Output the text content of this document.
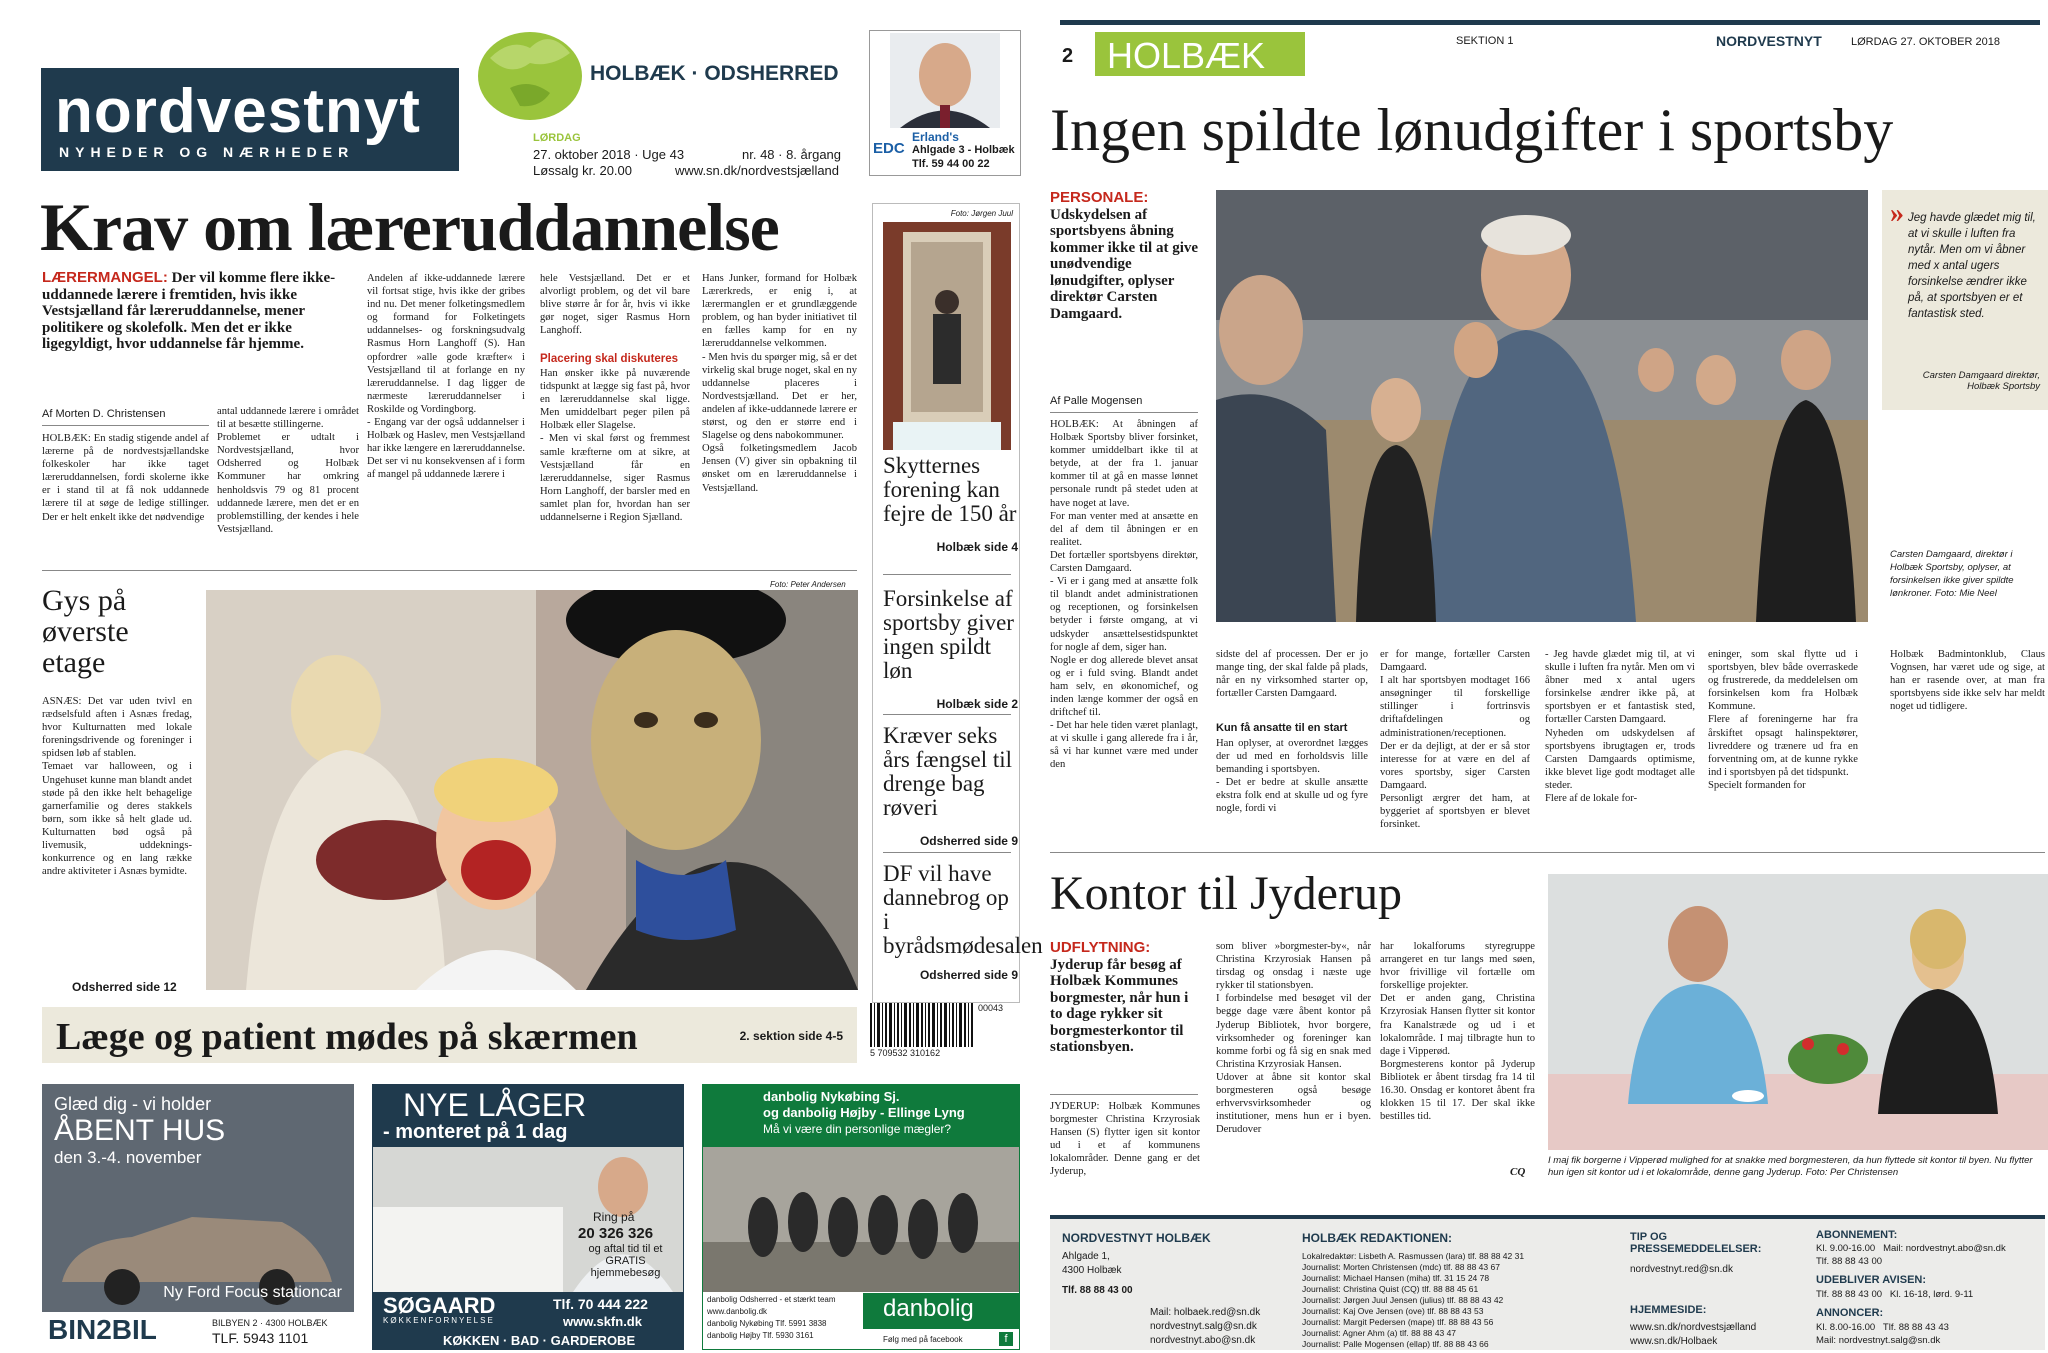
nordvestnyt
NYHEDER OG NÆRHEDER
HOLBÆK · ODSHERRED
LØRDAG
27. oktober 2018 · Uge 43
Løssalg kr. 20.00
nr. 48 · 8. årgang
www.sn.dk/nordvestsjælland
EDC
Erland's
Ahlgade 3 - Holbæk
Tlf. 59 44 00 22
Krav om læreruddannelse
LÆRERMANGEL: Der vil komme flere ikke-uddannede lærere i fremtiden, hvis ikke Vestsjælland får læreruddannelse, mener politikere og skolefolk. Men det er ikke ligegyldigt, hvor uddannelse får hjemme.
Af Morten D. Christensen
HOLBÆK: En stadig stigende andel af lærerne på de nordvestsjællandske folkeskoler har ikke taget læreruddannelsen, fordi skolerne ikke er i stand til at få nok uddannede lærere til at søge de ledige stillinger. Der er helt enkelt ikke det nødvendige
antal uddannede lærere i området til at besætte stillingerne.
Problemet er udtalt i Nordvestsjælland, hvor Odsherred og Holbæk Kommuner har omkring henholdsvis 79 og 81 procent uddannede lærere, men det er en problemstilling, der kendes i hele Vestsjælland.
Andelen af ikke-uddannede lærere vil fortsat stige, hvis ikke der gribes ind nu. Det mener folketingsmedlem og formand for Folketingets uddannelses- og forskningsudvalg Rasmus Horn Langhoff (S). Han opfordrer »alle gode kræfter« i Vestsjælland til at forlange en ny læreruddannelse. I dag ligger de nærmeste læreruddannelser i Roskilde og Vordingborg.
- Engang var der også uddannelser i Holbæk og Haslev, men Vestsjælland har ikke længere en læreruddannelse. Det ser vi nu konsekvensen af i form af mangel på uddannede lærere i
hele Vestsjælland. Det er et alvorligt problem, og det vil bare blive større år for år, hvis vi ikke gør noget, siger Rasmus Horn Langhoff.
Placering skal diskuteres
Han ønsker ikke på nuværende tidspunkt at lægge sig fast på, hvor en læreruddannelse skal ligge. Men umiddelbart peger pilen på Holbæk eller Slagelse.
- Men vi skal først og fremmest samle kræfterne om at sikre, at Vestsjælland får en læreruddannelse, siger Rasmus Horn Langhoff, der barsler med en samlet plan for, hvordan han ser uddannelserne i Region Sjælland.
Hans Junker, formand for Holbæk Lærerkreds, er enig i, at lærermanglen er et grundlæggende problem, og han byder initiativet til en fælles kamp for en ny læreruddannelse velkommen.
- Men hvis du spørger mig, så er det virkelig skal bruge noget, skal en ny uddannelse placeres i Nordvestsjælland. Det er her, andelen af ikke-uddannede lærere er størst, og den er større end i Slagelse og dens nabokommuner.
Også folketingsmedlem Jacob Jensen (V) giver sin opbakning til ønsket om en læreruddannelse i Vestsjælland.
Foto: Jørgen Juul
Skytternes forening kan fejre de 150 år
Holbæk side 4
Forsinkelse af sportsby giver ingen spildt løn
Holbæk side 2
Kræver seks års fængsel til drenge bag røveri
Odsherred side 9
DF vil have dannebrog op i byrådsmødesalen
Odsherred side 9
Gys på øverste etage
ASNÆS: Det var uden tvivl en rædselsfuld aften i Asnæs fredag, hvor Kulturnatten med lokale foreningsdrivende og foreninger i spidsen løb af stablen.
Temaet var halloween, og i Ungehuset kunne man blandt andet støde på den ikke helt behagelige garnerfamilie og deres stakkels børn, som ikke så helt glade ud. Kulturnatten bød også på livemusik, uddeknings-konkurrence og en lang række andre aktiviteter i Asnæs bymidte.
Odsherred side 12
Foto: Peter Andersen
Læge og patient mødes på skærmen	2. sektion side 4-5
5 709532 310162
00043
Glæd dig - vi holder
ÅBENT HUS
den 3.-4. november
Ny Ford Focus stationcar
BIN2BIL	BILBYEN 2 · 4300 HOLBÆK
TLF. 5943 1101
NYE LÅGER
- monteret på 1 dag
Ring på
20 326 326
og aftal tid til et GRATIS hjemmebesøg
SØGAARD
KØKKENFORNYELSE
Tlf. 70 444 222
www.skfn.dk
KØKKEN · BAD · GARDEROBE
danbolig Nykøbing Sj.
og danbolig Højby - Ellinge Lyng
Må vi være din personlige mægler?
danbolig Odsherred - et stærkt team
www.danbolig.dk
danbolig Nykøbing Tlf. 5991 3838
danbolig Højby Tlf. 5930 3161
danbolig
Følg med på facebook	f
2 HOLBÆK	SEKTION 1	NORDVESTNYT	LØRDAG 27. OKTOBER 2018
Ingen spildte lønudgifter i sportsby
PERSONALE: Udskydelsen af sportsbyens åbning kommer ikke til at give unødvendige lønudgifter, oplyser direktør Carsten Damgaard.
Af Palle Mogensen
HOLBÆK: At åbningen af Holbæk Sportsby bliver forsinket, kommer umiddelbart ikke til at betyde, at der fra 1. januar kommer til at gå en masse lønnet personale rundt på stedet uden at have noget at lave.
For man venter med at ansætte en del af dem til åbningen er en realitet.
Det fortæller sportsbyens direktør, Carsten Damgaard.
- Vi er i gang med at ansætte folk til blandt andet administrationen og receptionen, og forsinkelsen betyder i første omgang, at vi udskyder ansættelsestidspunktet for nogle af dem, siger han.
Nogle er dog allerede blevet ansat og er i fuld sving. Blandt andet ham selv, en økonomichef, og inden længe kommer der også en driftchef til.
- Det har hele tiden været planlagt, at vi skulle i gang allerede fra i år, så vi har kunnet være med under den
» Jeg havde glædet mig til, at vi skulle i luften fra nytår. Men om vi åbner med x antal ugers forsinkelse ændrer ikke på, at sportsbyen er et fantastisk sted.
Carsten Damgaard direktør, Holbæk Sportsby
Carsten Damgaard, direktør i Holbæk Sportsby, oplyser, at forsinkelsen ikke giver spildte lønkroner. Foto: Mie Neel
sidste del af processen. Der er jo mange ting, der skal falde på plads, når en ny virksomhed starter op, fortæller Carsten Damgaard.
Kun få ansatte til en start
Han oplyser, at overordnet lægges der ud med en forholdsvis lille bemanding i sportsbyen.
- Det er bedre at skulle ansætte ekstra folk end at skulle ud og fyre nogle, fordi vi
er for mange, fortæller Carsten Damgaard.
I alt har sportsbyen modtaget 166 ansøgninger til forskellige stillinger i fortrinsvis driftafdelingen og administrationen/receptionen.
Der er da dejligt, at der er så stor interesse for at være en del af vores sportsby, siger Carsten Damgaard.
Personligt ærgrer det ham, at byggeriet af sportsbyen er blevet forsinket.
- Jeg havde glædet mig til, at vi skulle i luften fra nytår. Men om vi åbner med x antal ugers forsinkelse ændrer ikke på, at sportsbyen er et fantastisk sted, fortæller Carsten Damgaard.
Nyheden om udskydelsen af sportsbyens ibrugtagen er, trods Carsten Damgaards optimisme, ikke blevet lige godt modtaget alle steder.
Flere af de lokale for-
eninger, som skal flytte ud i sportsbyen, blev både overraskede og frustrerede, da meddelelsen om forsinkelsen kom fra Holbæk Kommune.
Flere af foreningerne har fra årskiftet opsagt halinspektører, livreddere og trænere ud fra en forventning om, at de kunne rykke ind i sportsbyen på det tidspunkt.
Specielt formanden for
Holbæk Badmintonklub, Claus Vognsen, har været ude og sige, at han er rasende over, at man fra sportsbyens side ikke selv har meldt noget ud tidligere.
Kontor til Jyderup
UDFLYTNING: Jyderup får besøg af Holbæk Kommunes borgmester, når hun i to dage rykker sit borgmesterkontor til stationsbyen.
JYDERUP: Holbæk Kommunes borgmester Christina Krzyrosiak Hansen (S) flytter igen sit kontor ud i et af kommunens lokalområder. Denne gang er det Jyderup,
som bliver »borgmester-by«, når Christina Krzyrosiak Hansen på tirsdag og onsdag i næste uge rykker til stationsbyen.
I forbindelse med besøget vil der begge dage være åbent kontor på Jyderup Bibliotek, hvor borgere, virksomheder og foreninger kan komme forbi og få sig en snak med Christina Krzyrosiak Hansen.
Udover at åbne sit kontor skal borgmesteren også besøge erhvervsvirksomheder og institutioner, mens hun er i byen. Derudover
har lokalforums styregruppe arrangeret en tur langs med søen, hvor frivillige vil fortælle om forskellige projekter.
Det er anden gang, Christina Krzyrosiak Hansen flytter sit kontor fra Kanalstræde og ud i et lokalområde. I maj tilbragte hun to dage i Vipperød.
Borgmesterens kontor på Jyderup Bibliotek er åbent tirsdag fra 14 til 16.30. Onsdag er kontoret åbent fra klokken 15 til 17. Der skal ikke bestilles tid.
CQ
I maj fik borgerne i Vipperød mulighed for at snakke med borgmesteren, da hun flyttede sit kontor til byen. Nu flytter hun igen sit kontor ud i et lokalområde, denne gang Jyderup. Foto: Per Christensen
NORDVESTNYT HOLBÆK
Ahlgade 1,
4300 Holbæk
Tlf. 88 88 43 00
Mail: holbaek.red@sn.dk
nordvestnyt.salg@sn.dk
nordvestnyt.abo@sn.dk
HOLBÆK REDAKTIONEN:
Lokalredaktør: Lisbeth A. Rasmussen (lara) tlf. 88 88 42 31
Journalist: Morten Christensen (mdc) tlf. 88 88 43 67
Journalist: Michael Hansen (miha) tlf. 31 15 24 78
Journalist: Christina Quist (CQ) tlf. 88 88 45 61
Journalist: Jørgen Juul Jensen (julius) tlf. 88 88 43 42
Journalist: Kaj Ove Jensen (ove) tlf. 88 88 43 53
Journalist: Margit Pedersen (mape) tlf. 88 88 43 56
Journalist: Agner Ahm (a) tlf. 88 88 43 47
Journalist: Palle Mogensen (ellap) tlf. 88 88 43 66
TIP OG PRESSEMEDDELELSER:
nordvestnyt.red@sn.dk
HJEMMESIDE:
www.sn.dk/nordvestsjælland
www.sn.dk/Holbaek
ABONNEMENT:
Kl. 9.00-16.00   Mail: nordvestnyt.abo@sn.dk
Tlf. 88 88 43 00
UDEBLIVER AVISEN:
Tlf. 88 88 43 00   Kl. 16-18, lørd. 9-11
ANNONCER:
Kl. 8.00-16.00   Tlf. 88 88 43 43
Mail: nordvestnyt.salg@sn.dk
